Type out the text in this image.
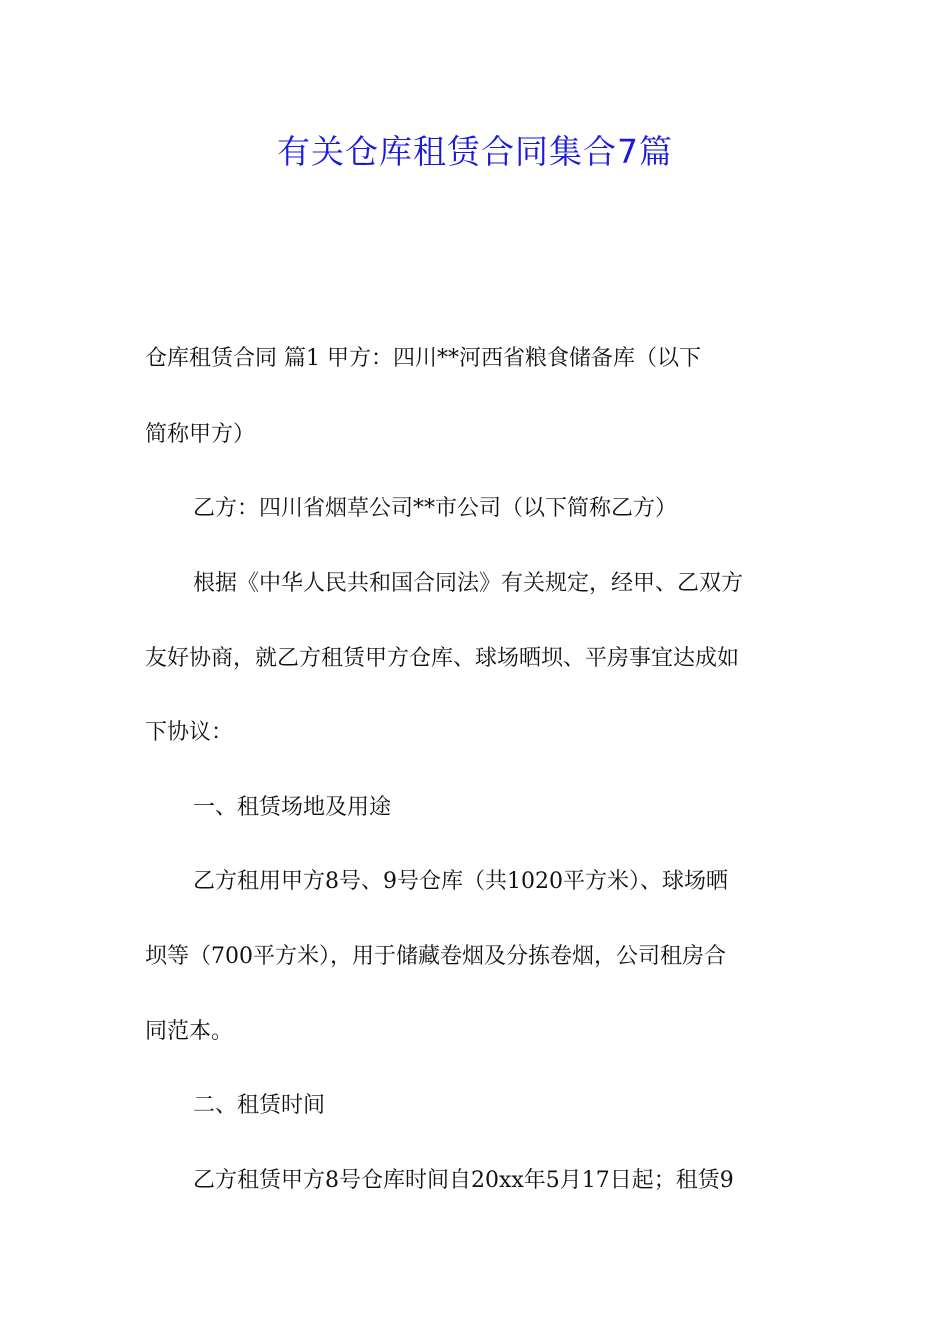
有关仓库租赁合同集合7篇
仓库租赁合同 篇1 甲方：四川**河西省粮食储备库（以下
简称甲方）
乙方：四川省烟草公司**市公司（以下简称乙方）
根据《中华人民共和国合同法》有关规定，经甲、乙双方
友好协商，就乙方租赁甲方仓库、球场晒坝、平房事宜达成如
下协议：
一、租赁场地及用途
乙方租用甲方8号、9号仓库（共1020平方米）、球场晒
坝等（700平方米），用于储藏卷烟及分拣卷烟，公司租房合
同范本。
二、租赁时间
乙方租赁甲方8号仓库时间自20xx年5月17日起；租赁9
